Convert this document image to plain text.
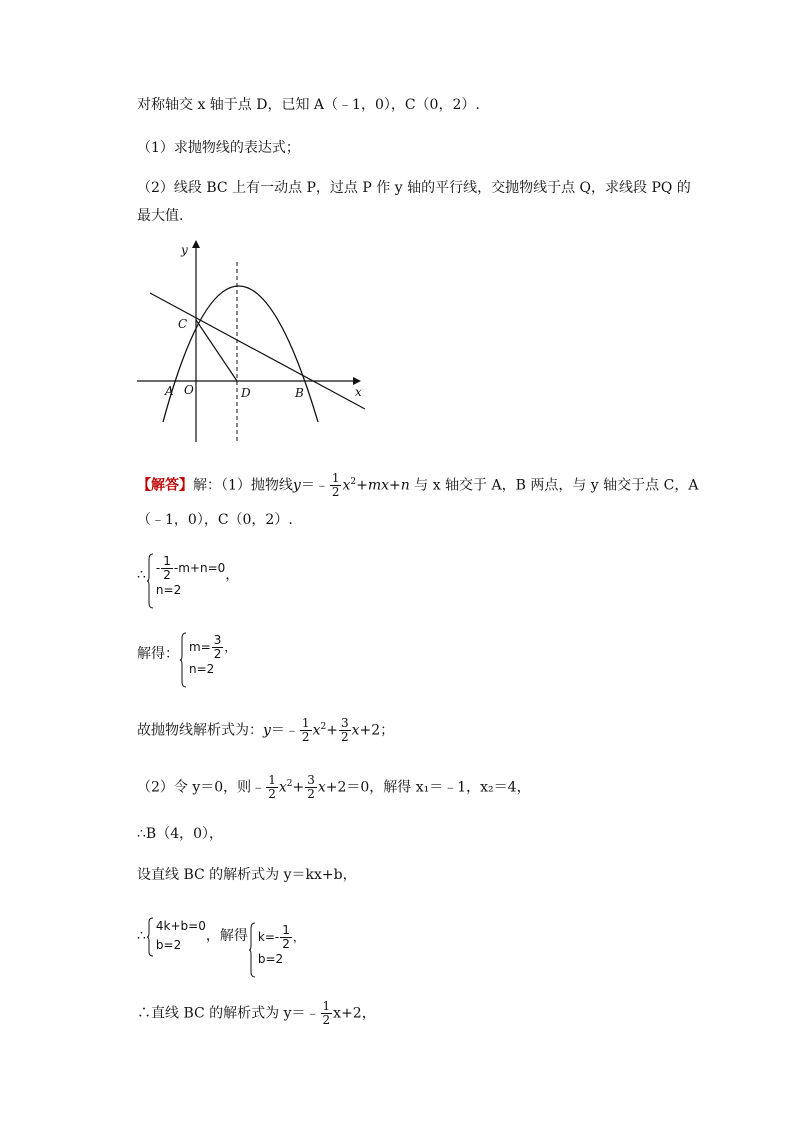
对称轴交 x 轴于点 D，已知 A（﹣1，0），C（0，2）.
（1）求抛物线的表达式；
（2）线段 BC 上有一动点 P，过点 P 作 y 轴的平行线，交抛物线于点 Q，求线段 PQ 的
最大值.
y
x
C
A O	D	B
【解答】解：（1）抛物线y＝﹣ $\frac{1}{2} x^2+mx+n$ 与 x 轴交于 A，B 两点，与 y 轴交于点 C，A
（﹣1，0），C（0，2）.
∴ - $\frac{1}{2} -m+n=0$
n=2
，
解得： $m= \frac{3}{2}$ ，
n=2
故抛物线解析式为：y＝﹣ $\frac{1}{2} x^2+ \frac{3}{2} x+2$；
（2）令 y＝0，则﹣ $\frac{1}{2} x^2+ \frac{3}{2} x+2=0$，解得 x₁＝﹣1，x₂＝4，
∴B（4，0），
设直线 BC 的解析式为 y＝kx+b，
∴
4k+b=0
b=2
，解得 $k=- \frac{1}{2}$ ，
b=2
∴直线 BC 的解析式为 y＝﹣ $\frac{1}{2} x+2$，
